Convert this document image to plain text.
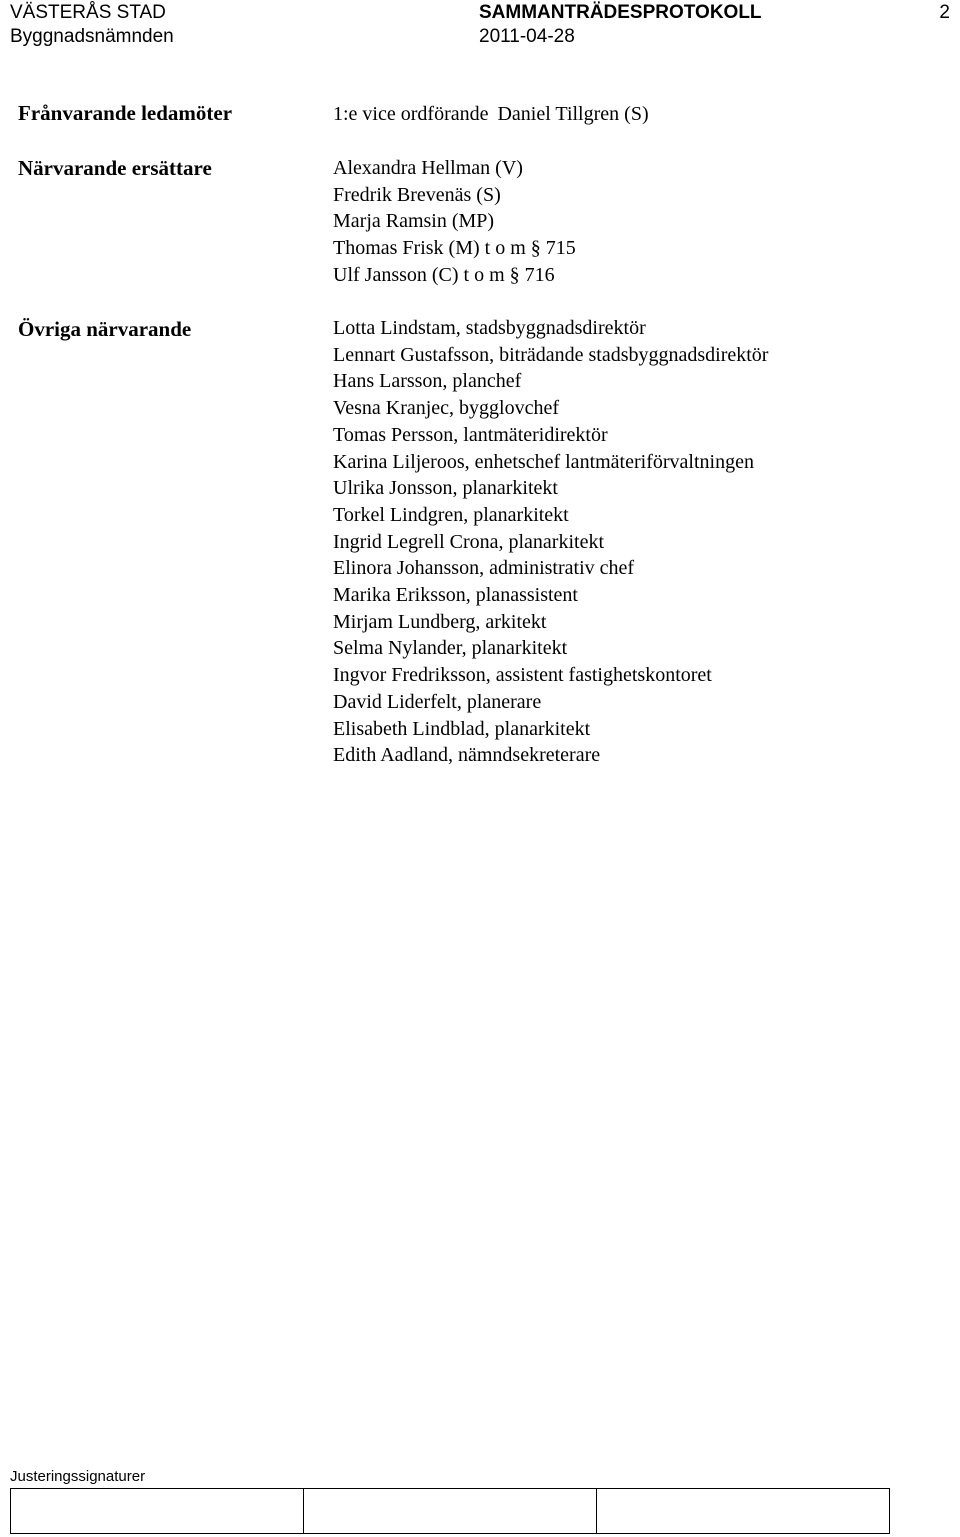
VÄSTERÅS STAD
Byggnadsnämnden
SAMMANTRÄDESPROTOKOLL
2011-04-28
2
Frånvarande ledamöter	1:e vice ordförande Daniel Tillgren (S)
Närvarande ersättare	Alexandra Hellman (V)
Fredrik Brevenäs (S)
Marja Ramsin (MP)
Thomas Frisk (M) t o m § 715
Ulf Jansson (C) t o m § 716
Övriga närvarande	Lotta Lindstam, stadsbyggnadsdirektör
Lennart Gustafsson, biträdande stadsbyggnadsdirektör
Hans Larsson, planchef
Vesna Kranjec, bygglovchef
Tomas Persson, lantmäteridirektör
Karina Liljeroos, enhetschef lantmäteriförvaltningen
Ulrika Jonsson, planarkitekt
Torkel Lindgren, planarkitekt
Ingrid Legrell Crona, planarkitekt
Elinora Johansson, administrativ chef
Marika Eriksson, planassistent
Mirjam Lundberg, arkitekt
Selma Nylander, planarkitekt
Ingvor Fredriksson, assistent fastighetskontoret
David Liderfelt, planerare
Elisabeth Lindblad, planarkitekt
Edith Aadland, nämndsekreterare
Justeringssignaturer
